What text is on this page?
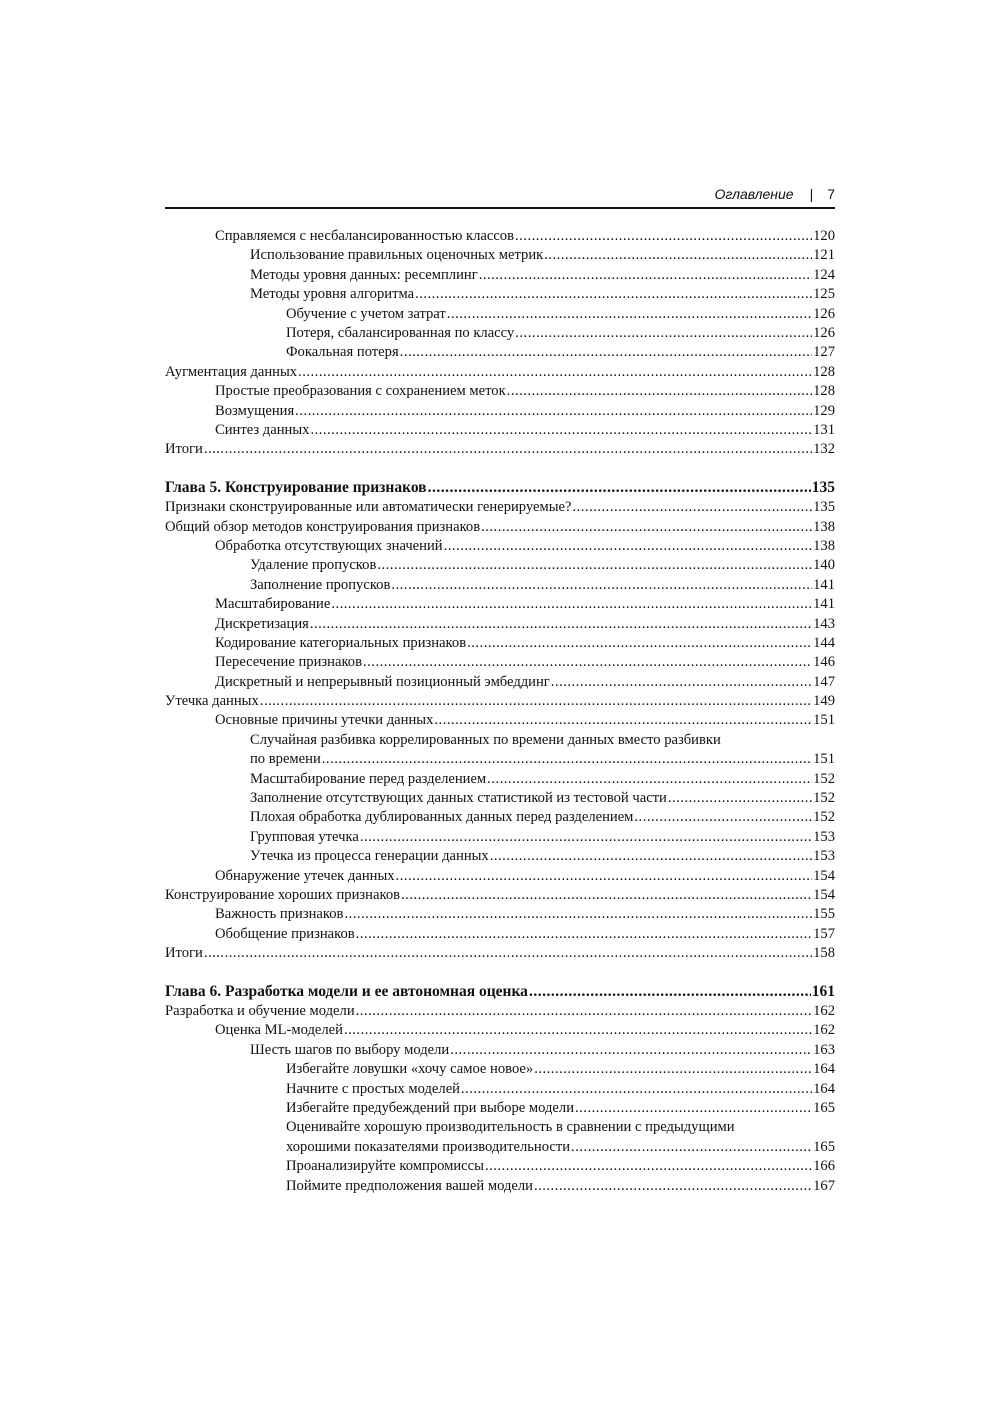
Оглавление | 7
Справляемся с несбалансированностью классов .....	120
Использование правильных оценочных метрик .....	121
Методы уровня данных: ресемплинг .....	124
Методы уровня алгоритма .....	125
Обучение с учетом затрат .....	126
Потеря, сбалансированная по классу .....	126
Фокальная потеря .....	127
Аугментация данных .....	128
Простые преобразования с сохранением меток .....	128
Возмущения .....	129
Синтез данных .....	131
Итоги .....	132
Глава 5. Конструирование признаков .....	135
Признаки сконструированные или автоматически генерируемые? .....	135
Общий обзор методов конструирования признаков .....	138
Обработка отсутствующих значений .....	138
Удаление пропусков .....	140
Заполнение пропусков .....	141
Масштабирование .....	141
Дискретизация .....	143
Кодирование категориальных признаков .....	144
Пересечение признаков .....	146
Дискретный и непрерывный позиционный эмбеддинг .....	147
Утечка данных .....	149
Основные причины утечки данных .....	151
Случайная разбивка коррелированных по времени данных вместо разбивки
по времени .....	151
Масштабирование перед разделением .....	152
Заполнение отсутствующих данных статистикой из тестовой части .....	152
Плохая обработка дублированных данных перед разделением .....	152
Групповая утечка .....	153
Утечка из процесса генерации данных .....	153
Обнаружение утечек данных .....	154
Конструирование хороших признаков .....	154
Важность признаков .....	155
Обобщение признаков .....	157
Итоги .....	158
Глава 6. Разработка модели и ее автономная оценка .....	161
Разработка и обучение модели .....	162
Оценка ML-моделей .....	162
Шесть шагов по выбору модели .....	163
Избегайте ловушки «хочу самое новое» .....	164
Начните с простых моделей .....	164
Избегайте предубеждений при выборе модели .....	165
Оценивайте хорошую производительность в сравнении с предыдущими
хорошими показателями производительности .....	165
Проанализируйте компромиссы .....	166
Поймите предположения вашей модели .....	167
